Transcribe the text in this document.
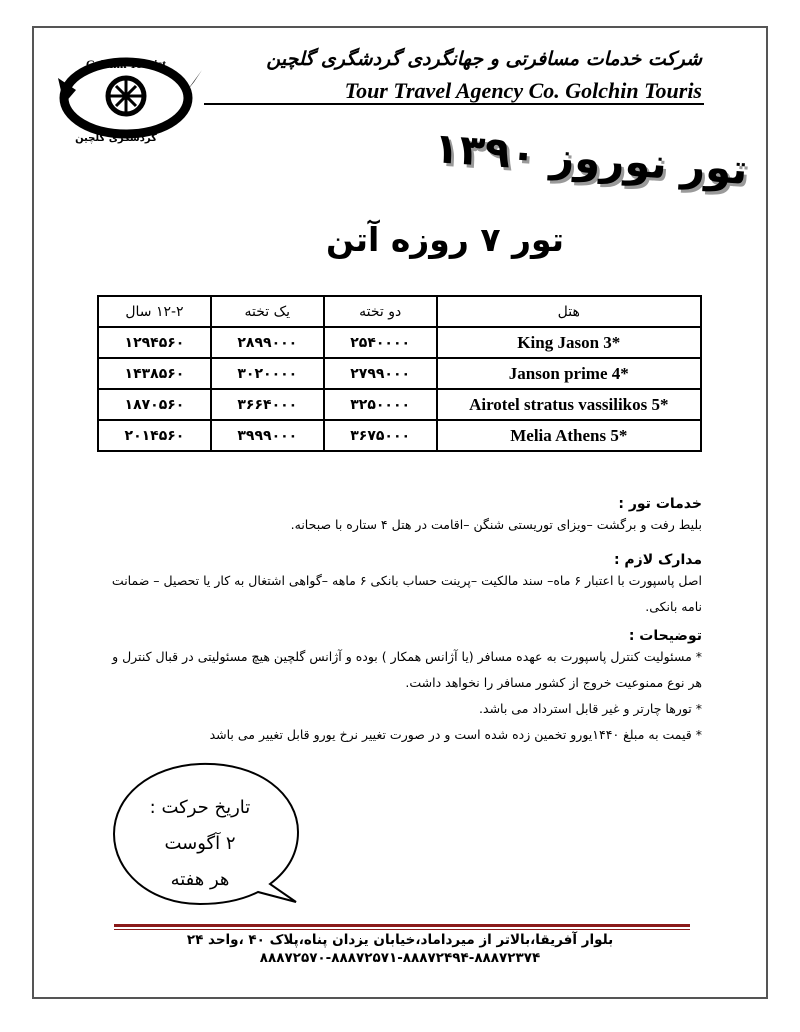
Golchin Tourist
گردشگری گلچین
شرکت خدمات مسافرتی و جهانگردی گردشگری گلچین
Tour Travel Agency Co. Golchin Touris
تور نوروز ۱۳۹۰
تور ۷ روزه آتن
هتل	دو تخته	یک تخته	۱۲-۲ سال
King Jason 3*	۲۵۴۰۰۰۰	۲۸۹۹۰۰۰	۱۲۹۴۵۶۰
Janson prime 4*	۲۷۹۹۰۰۰	۳۰۲۰۰۰۰	۱۴۳۸۵۶۰
Airotel stratus vassilikos 5*	۳۲۵۰۰۰۰	۳۶۶۴۰۰۰	۱۸۷۰۵۶۰
Melia Athens 5*	۳۶۷۵۰۰۰	۳۹۹۹۰۰۰	۲۰۱۴۵۶۰
خدمات تور :

بلیط رفت و برگشت –ویزای توریستی شنگن –اقامت در هتل ۴ ستاره با صبحانه.

مدارک لازم :

اصل پاسپورت با اعتبار ۶ ماه– سند مالکیت –پرینت حساب بانکی ۶ ماهه –گواهی اشتغال به کار یا تحصیل – ضمانت نامه بانکی.

توضیحات :

* مسئولیت کنترل پاسپورت به عهده مسافر (یا آژانس همکار ) بوده و آژانس گلچین هیچ مسئولیتی در قبال کنترل و هر نوع ممنوعیت خروج از کشور مسافر را نخواهد داشت.

* تورها چارتر و غیر قابل استرداد می باشد.

* قیمت به مبلغ ۱۴۴۰یورو تخمین زده شده است و در صورت تغییر نرخ یورو قابل تغییر می باشد

تاریخ حرکت :
۲ آگوست
هر هفته
بلوار آفریقا،بالاتر از میرداماد،خیابان یزدان پناه،پلاک ۴۰ ،واحد ۲۴
۸۸۸۷۲۵۷۰-۸۸۸۷۲۵۷۱-۸۸۸۷۲۴۹۴-۸۸۸۷۲۳۷۴
